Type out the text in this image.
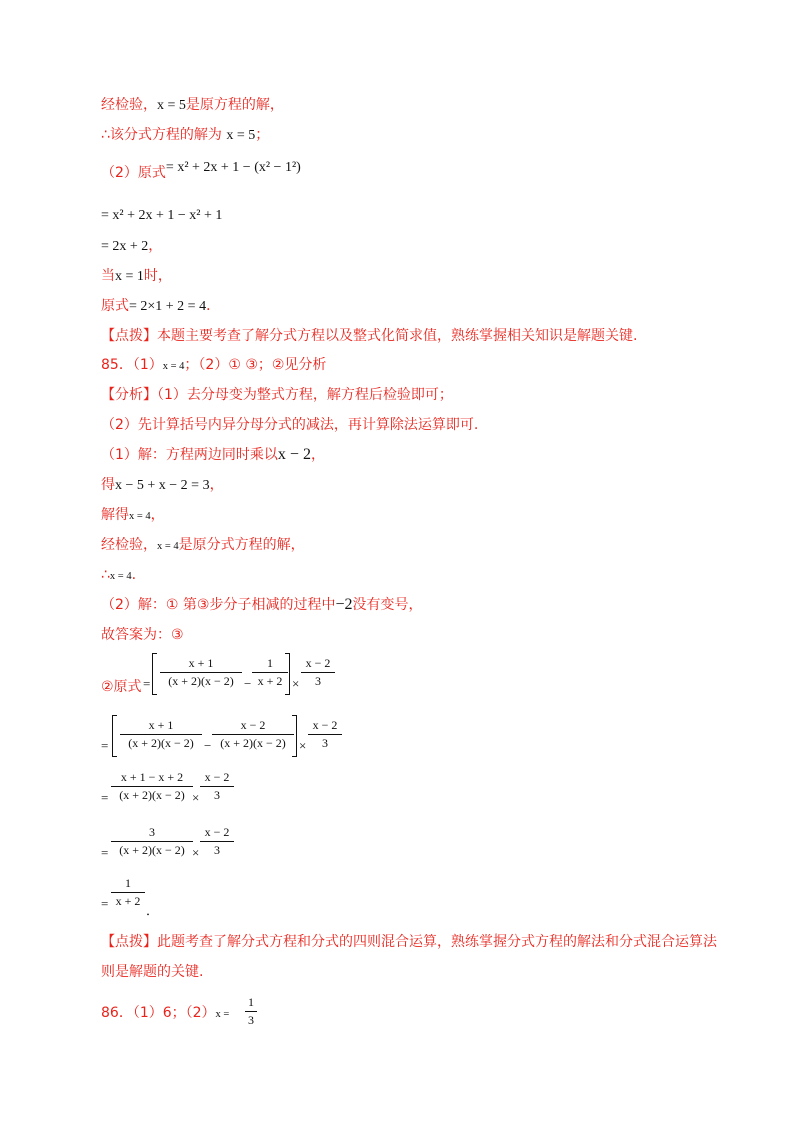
经检验，x = 5是原方程的解，
∴该分式方程的解为 x = 5；
（2）原式= x² + 2x + 1 − (x² − 1²)
= x² + 2x + 1 − x² + 1
= 2x + 2，
当x = 1时，
原式= 2×1 + 2 = 4．
【点拨】本题主要考查了解分式方程以及整式化简求值，熟练掌握相关知识是解题关键.
85．（1）x = 4；（2）① ③；②见分析
【分析】（1）去分母变为整式方程，解方程后检验即可；
（2）先计算括号内异分母分式的减法，再计算除法运算即可.
（1）解：方程两边同时乘以x − 2，
得x − 5 + x − 2 = 3，
解得x = 4，
经检验，x = 4是原分式方程的解，
∴x = 4.
（2）解：① 第③步分子相减的过程中−2没有变号，
故答案为：③
②原式 =
x + 1
(x + 2)(x − 2) −
1
x + 2 ×
x − 2
3
=
x + 1
(x + 2)(x − 2) −
x − 2
(x + 2)(x − 2)	×
x − 2
3
=
x + 1 − x + 2
(x + 2)(x − 2) ×
x − 2
3
=
3
(x + 2)(x − 2) ×
x − 2
3
=
1
x + 2
．
【点拨】此题考查了解分式方程和分式的四则混合运算，熟练掌握分式方程的解法和分式混合运算法
则是解题的关键.
86．（1）6；（2）x =
1
3
